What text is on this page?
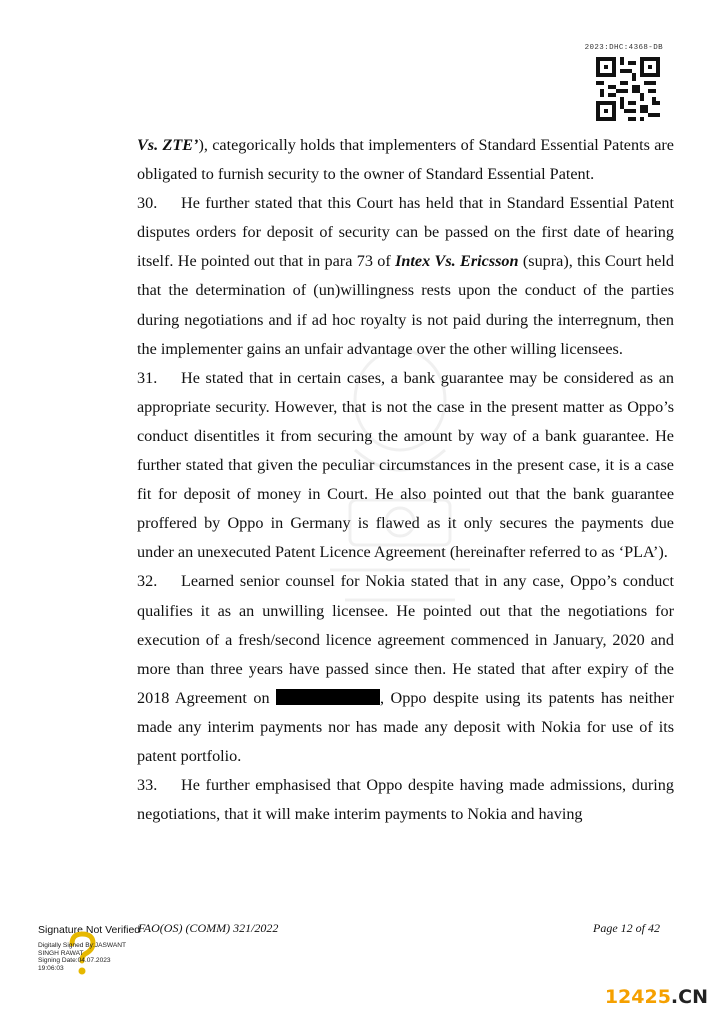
2023:DHC:4368-DB

Vs. ZTE’), categorically holds that implementers of Standard Essential Patents are obligated to furnish security to the owner of Standard Essential Patent.

30. He further stated that this Court has held that in Standard Essential Patent disputes orders for deposit of security can be passed on the first date of hearing itself. He pointed out that in para 73 of Intex Vs. Ericsson (supra), this Court held that the determination of (un)willingness rests upon the conduct of the parties during negotiations and if ad hoc royalty is not paid during the interregnum, then the implementer gains an unfair advantage over the other willing licensees.

31. He stated that in certain cases, a bank guarantee may be considered as an appropriate security. However, that is not the case in the present matter as Oppo’s conduct disentitles it from securing the amount by way of a bank guarantee. He further stated that given the peculiar circumstances in the present case, it is a case fit for deposit of money in Court. He also pointed out that the bank guarantee proffered by Oppo in Germany is flawed as it only secures the payments due under an unexecuted Patent Licence Agreement (hereinafter referred to as ‘PLA’).

32. Learned senior counsel for Nokia stated that in any case, Oppo’s conduct qualifies it as an unwilling licensee. He pointed out that the negotiations for execution of a fresh/second licence agreement commenced in January, 2020 and more than three years have passed since then. He stated that after expiry of the 2018 Agreement on	, Oppo despite using its patents has neither made any interim payments nor has made any deposit with Nokia for use of its patent portfolio.

33. He further emphasised that Oppo despite having made admissions, during negotiations, that it will make interim payments to Nokia and having

Signature Not Verified
FAO(OS) (COMM) 321/2022	Page 12 of 42
Digitally Signed By:JASWANT
SINGH RAWAT
Signing Date:04.07.2023
19:06:03
12425.CN
